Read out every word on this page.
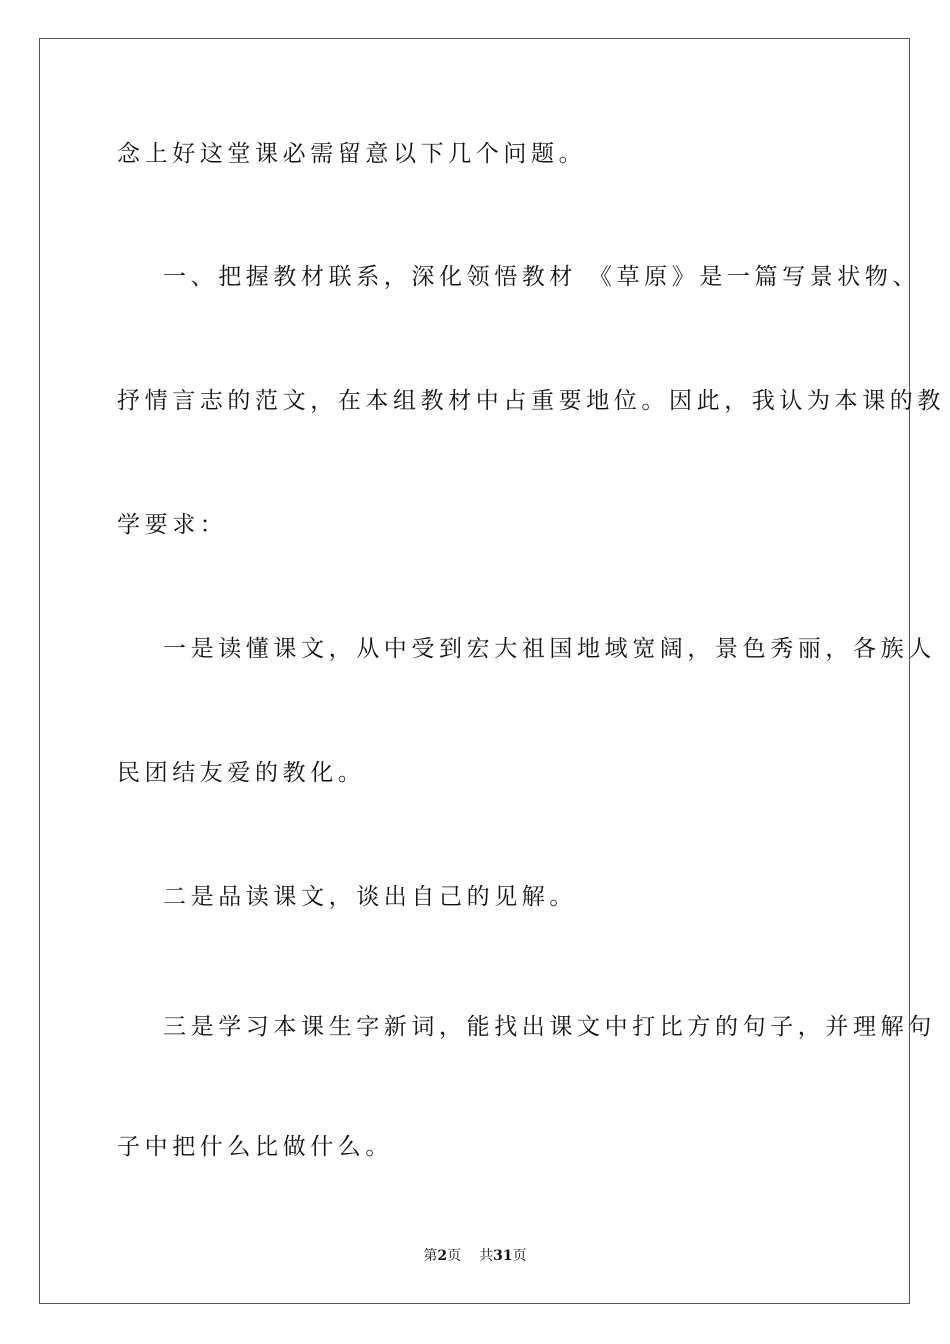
念上好这堂课必需留意以下几个问题。
一、把握教材联系，深化领悟教材 《草原》是一篇写景状物、
抒情言志的范文，在本组教材中占重要地位。因此，我认为本课的教
学要求：
一是读懂课文，从中受到宏大祖国地域宽阔，景色秀丽，各族人
民团结友爱的教化。
二是品读课文，谈出自己的见解。
三是学习本课生字新词，能找出课文中打比方的句子，并理解句
子中把什么比做什么。
第2页 共31页
